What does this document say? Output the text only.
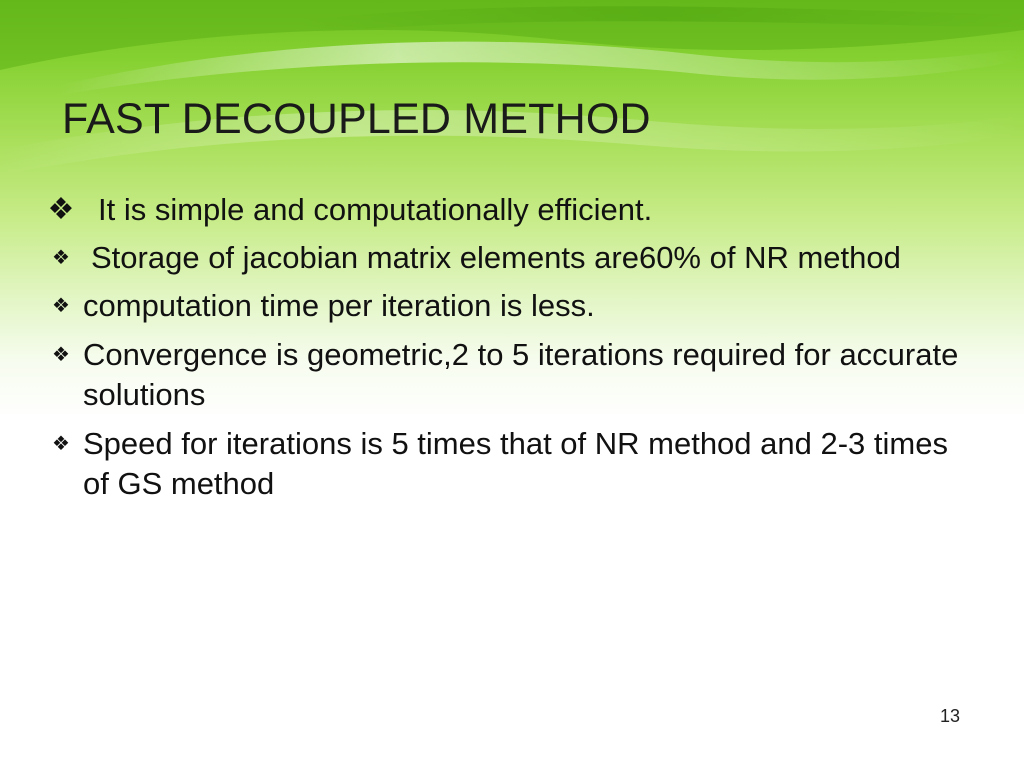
FAST DECOUPLED METHOD
❖ It is simple and computationally efficient.
❖ Storage of jacobian matrix elements are60% of NR method
❖ computation time per iteration is less.
❖ Convergence is geometric,2 to 5 iterations required for accurate solutions
❖ Speed for iterations is 5 times that of NR method and 2-3 times of GS method
13
